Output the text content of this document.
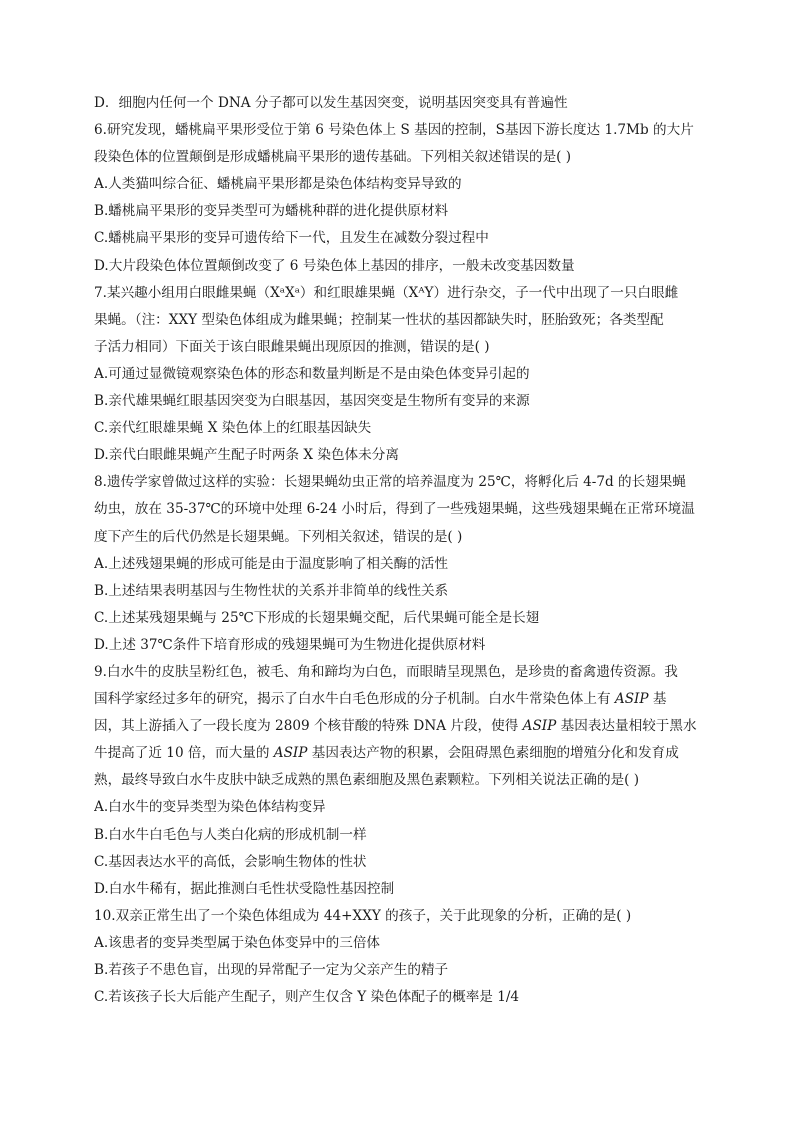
D．细胞内任何一个 DNA 分子都可以发生基因突变，说明基因突变具有普遍性
6.研究发现，蟠桃扁平果形受位于第 6 号染色体上 S 基因的控制，S基因下游长度达 1.7Mb 的大片
段染色体的位置颠倒是形成蟠桃扁平果形的遗传基础。下列相关叙述错误的是( )
A.人类猫叫综合征、蟠桃扁平果形都是染色体结构变异导致的
B.蟠桃扁平果形的变异类型可为蟠桃种群的进化提供原材料
C.蟠桃扁平果形的变异可遗传给下一代，且发生在减数分裂过程中
D.大片段染色体位置颠倒改变了 6 号染色体上基因的排序，一般未改变基因数量
7.某兴趣小组用白眼雌果蝇（XᵃXᵃ）和红眼雄果蝇（XᴬY）进行杂交，子一代中出现了一只白眼雌
果蝇。（注：XXY 型染色体组成为雌果蝇；控制某一性状的基因都缺失时，胚胎致死；各类型配
子活力相同）下面关于该白眼雌果蝇出现原因的推测，错误的是( )
A.可通过显微镜观察染色体的形态和数量判断是不是由染色体变异引起的
B.亲代雄果蝇红眼基因突变为白眼基因，基因突变是生物所有变异的来源
C.亲代红眼雄果蝇 X 染色体上的红眼基因缺失
D.亲代白眼雌果蝇产生配子时两条 X 染色体未分离
8.遗传学家曾做过这样的实验：长翅果蝇幼虫正常的培养温度为 25℃，将孵化后 4-7d 的长翅果蝇
幼虫，放在 35-37℃的环境中处理 6-24 小时后，得到了一些残翅果蝇，这些残翅果蝇在正常环境温
度下产生的后代仍然是长翅果蝇。下列相关叙述，错误的是( )
A.上述残翅果蝇的形成可能是由于温度影响了相关酶的活性
B.上述结果表明基因与生物性状的关系并非简单的线性关系
C.上述某残翅果蝇与 25℃下形成的长翅果蝇交配，后代果蝇可能全是长翅
D.上述 37℃条件下培育形成的残翅果蝇可为生物进化提供原材料
9.白水牛的皮肤呈粉红色，被毛、角和蹄均为白色，而眼睛呈现黑色，是珍贵的畜禽遗传资源。我
国科学家经过多年的研究，揭示了白水牛白毛色形成的分子机制。白水牛常染色体上有 ASIP 基
因，其上游插入了一段长度为 2809 个核苷酸的特殊 DNA 片段，使得 ASIP 基因表达量相较于黑水
牛提高了近 10 倍，而大量的 ASIP 基因表达产物的积累，会阻碍黑色素细胞的增殖分化和发育成
熟，最终导致白水牛皮肤中缺乏成熟的黑色素细胞及黑色素颗粒。下列相关说法正确的是( )
A.白水牛的变异类型为染色体结构变异
B.白水牛白毛色与人类白化病的形成机制一样
C.基因表达水平的高低，会影响生物体的性状
D.白水牛稀有，据此推测白毛性状受隐性基因控制
10.双亲正常生出了一个染色体组成为 44+XXY 的孩子，关于此现象的分析，正确的是( )
A.该患者的变异类型属于染色体变异中的三倍体
B.若孩子不患色盲，出现的异常配子一定为父亲产生的精子
C.若该孩子长大后能产生配子，则产生仅含 Y 染色体配子的概率是 1/4
